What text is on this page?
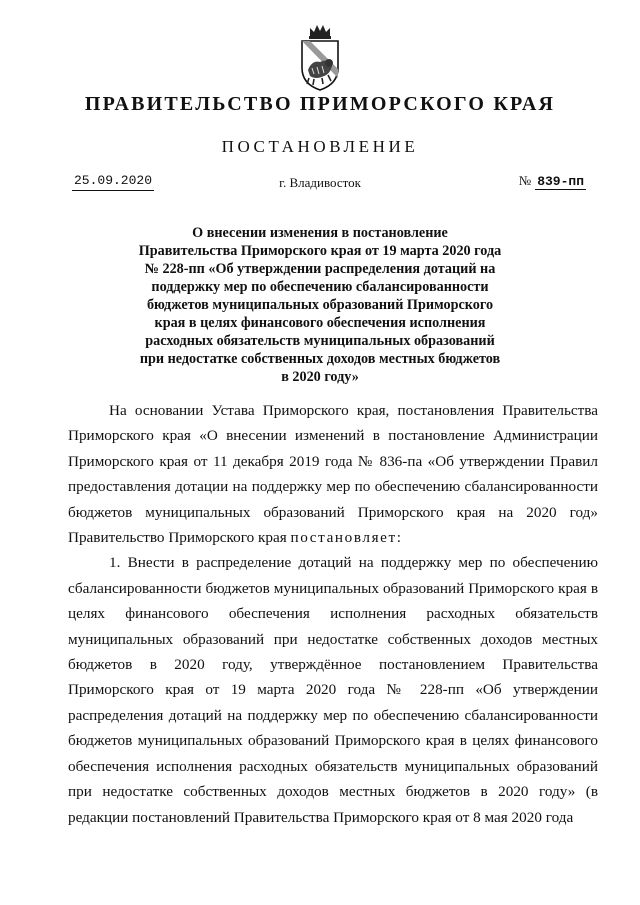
ПРАВИТЕЛЬСТВО ПРИМОРСКОГО КРАЯ
ПОСТАНОВЛЕНИЕ
25.09.2020	г. Владивосток	№ 839-пп
О внесении изменения в постановление
Правительства Приморского края от 19 марта 2020 года
№ 228-пп «Об утверждении распределения дотаций на
поддержку мер по обеспечению сбалансированности
бюджетов муниципальных образований Приморского
края в целях финансового обеспечения исполнения
расходных обязательств муниципальных образований
при недостатке собственных доходов местных бюджетов
в 2020 году»

На основании Устава Приморского края, постановления Правительства Приморского края «О внесении изменений в постановление Администрации Приморского края от 11 декабря 2019 года № 836-па «Об утверждении Правил предоставления дотации на поддержку мер по обеспечению сбалансированности бюджетов муниципальных образований Приморского края на 2020 год» Правительство Приморского края постановляет:

1. Внести в распределение дотаций на поддержку мер по обеспечению сбалансированности бюджетов муниципальных образований Приморского края в целях финансового обеспечения исполнения расходных обязательств муниципальных образований при недостатке собственных доходов местных бюджетов в 2020 году, утверждённое постановлением Правительства Приморского края от 19 марта 2020 года № 228-пп «Об утверждении распределения дотаций на поддержку мер по обеспечению сбалансированности бюджетов муниципальных образований Приморского края в целях финансового обеспечения исполнения расходных обязательств муниципальных образований при недостатке собственных доходов местных бюджетов в 2020 году» (в редакции постановлений Правительства Приморского края от 8 мая 2020 года
